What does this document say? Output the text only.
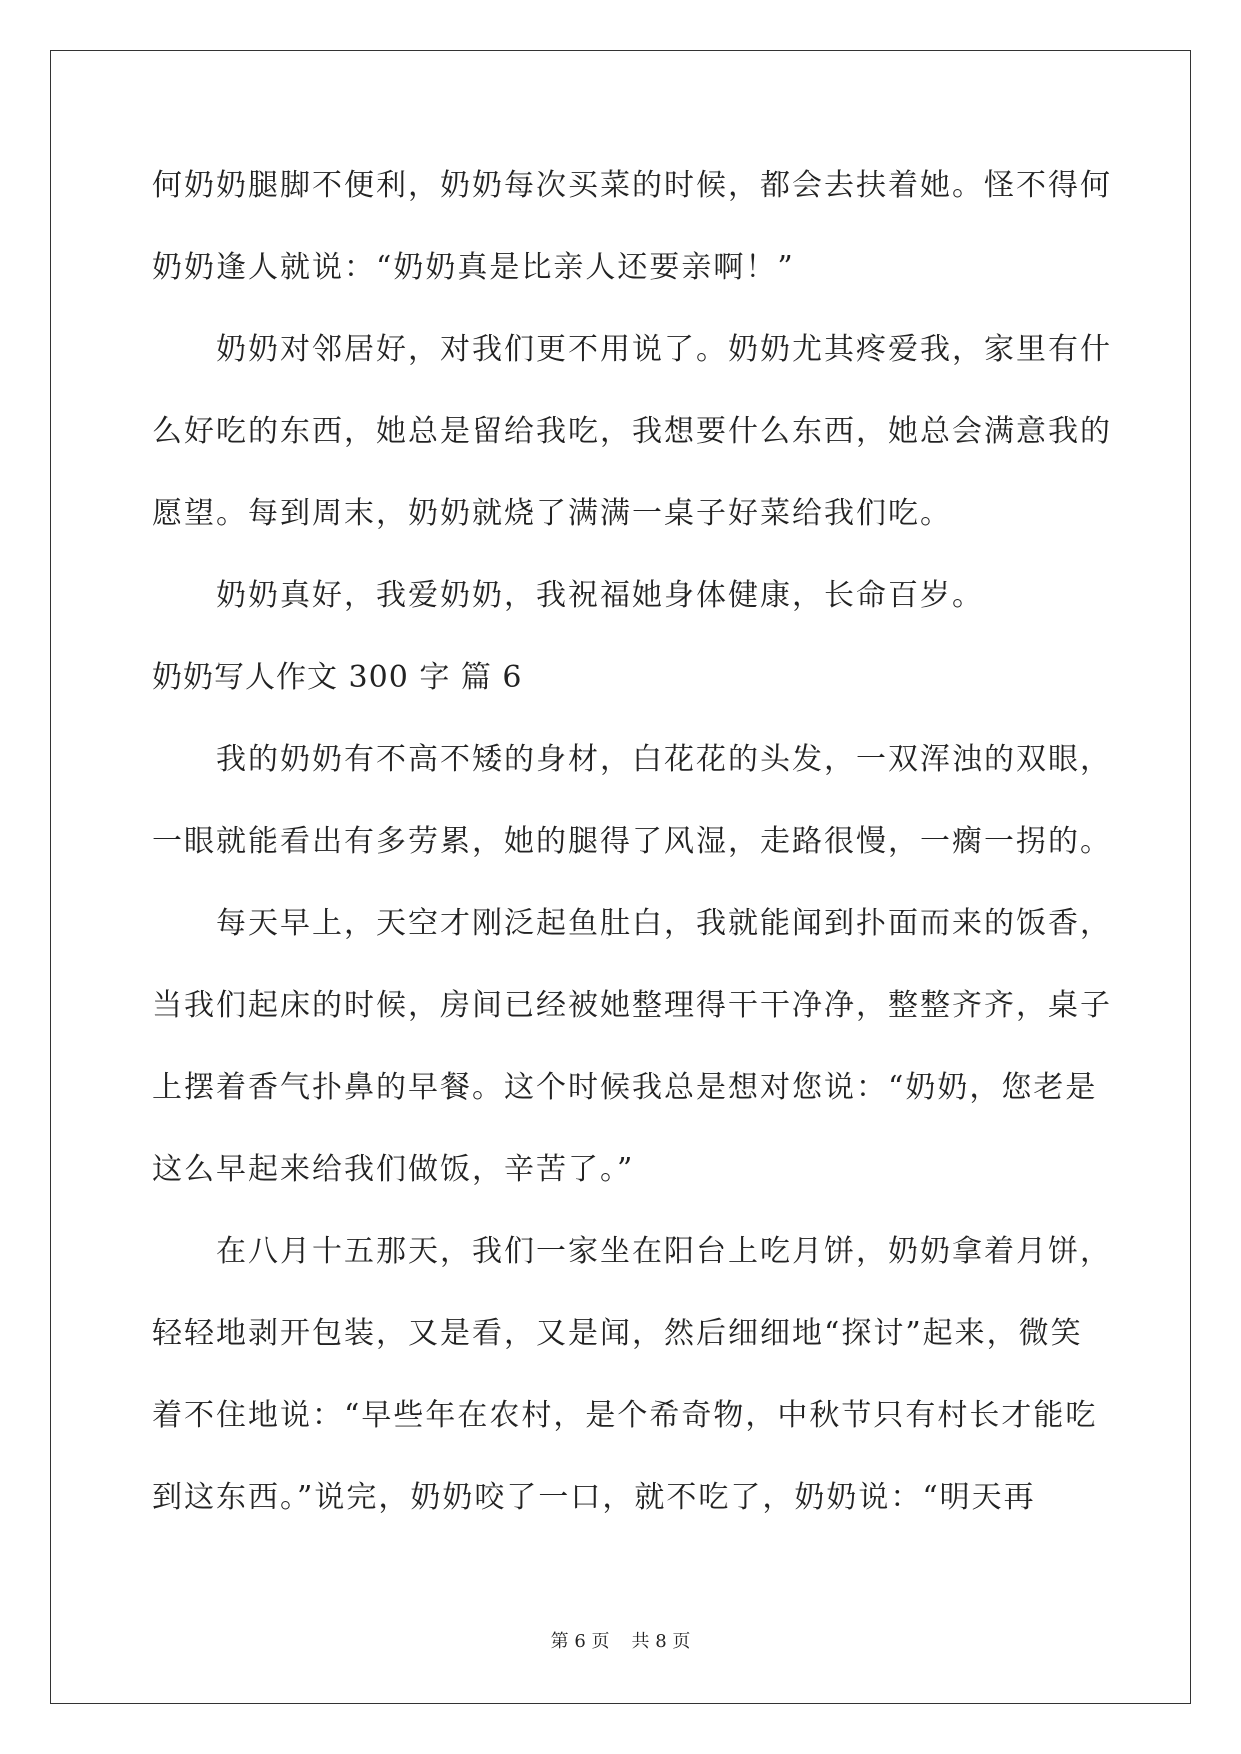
何奶奶腿脚不便利，奶奶每次买菜的时候，都会去扶着她。怪不得何
奶奶逢人就说：“奶奶真是比亲人还要亲啊！”
奶奶对邻居好，对我们更不用说了。奶奶尤其疼爱我，家里有什
么好吃的东西，她总是留给我吃，我想要什么东西，她总会满意我的
愿望。每到周末，奶奶就烧了满满一桌子好菜给我们吃。
奶奶真好，我爱奶奶，我祝福她身体健康，长命百岁。
奶奶写人作文 300 字 篇 6
我的奶奶有不高不矮的身材，白花花的头发，一双浑浊的双眼，
一眼就能看出有多劳累，她的腿得了风湿，走路很慢，一瘸一拐的。
每天早上，天空才刚泛起鱼肚白，我就能闻到扑面而来的饭香，
当我们起床的时候，房间已经被她整理得干干净净，整整齐齐，桌子
上摆着香气扑鼻的早餐。这个时候我总是想对您说：“奶奶，您老是
这么早起来给我们做饭，辛苦了。”
在八月十五那天，我们一家坐在阳台上吃月饼，奶奶拿着月饼，
轻轻地剥开包装，又是看，又是闻，然后细细地“探讨”起来，微笑
着不住地说：“早些年在农村，是个希奇物，中秋节只有村长才能吃
到这东西。”说完，奶奶咬了一口，就不吃了，奶奶说：“明天再
第 6 页 共 8 页
